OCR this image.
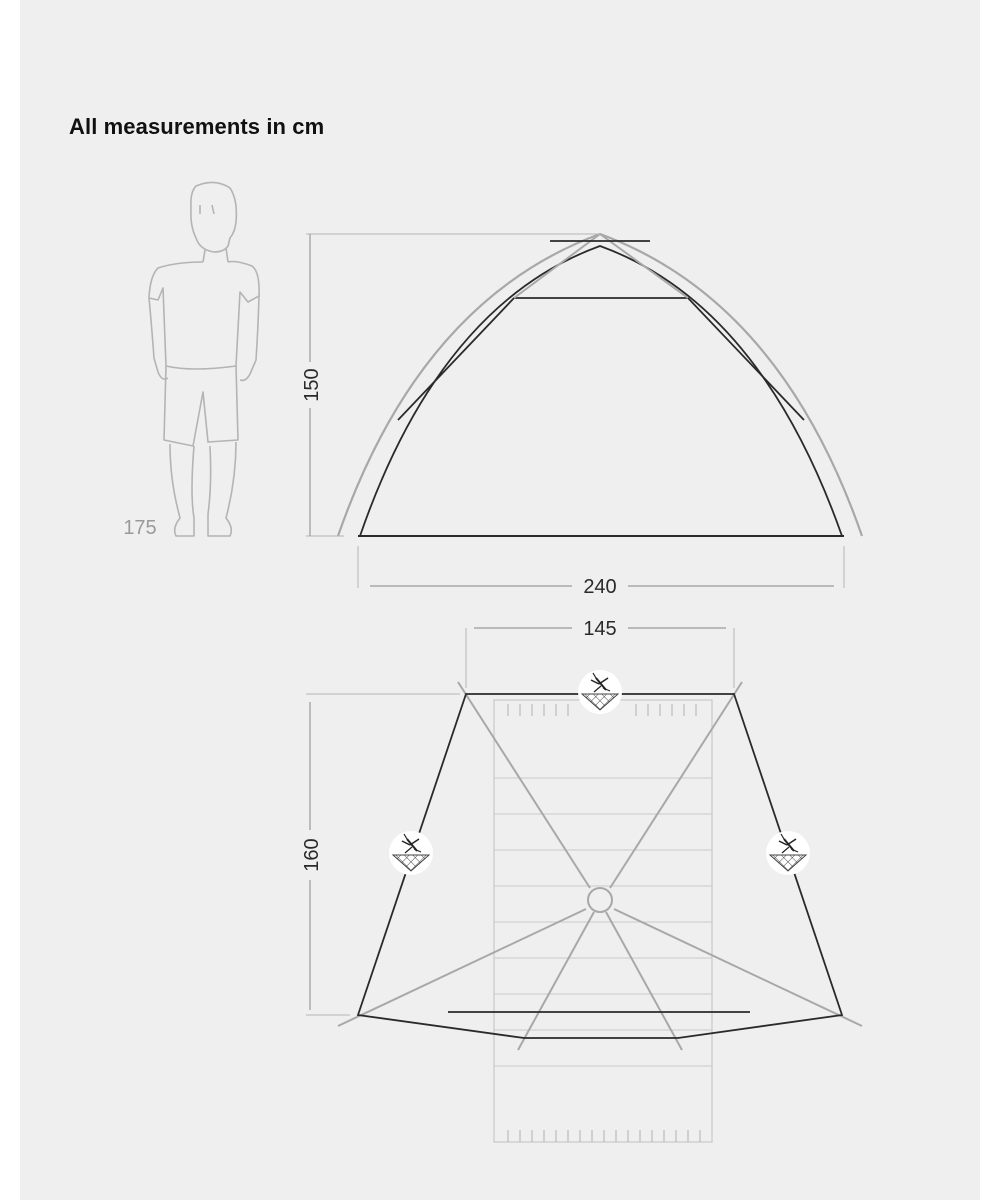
All measurements in cm
175
150
240
145
160
